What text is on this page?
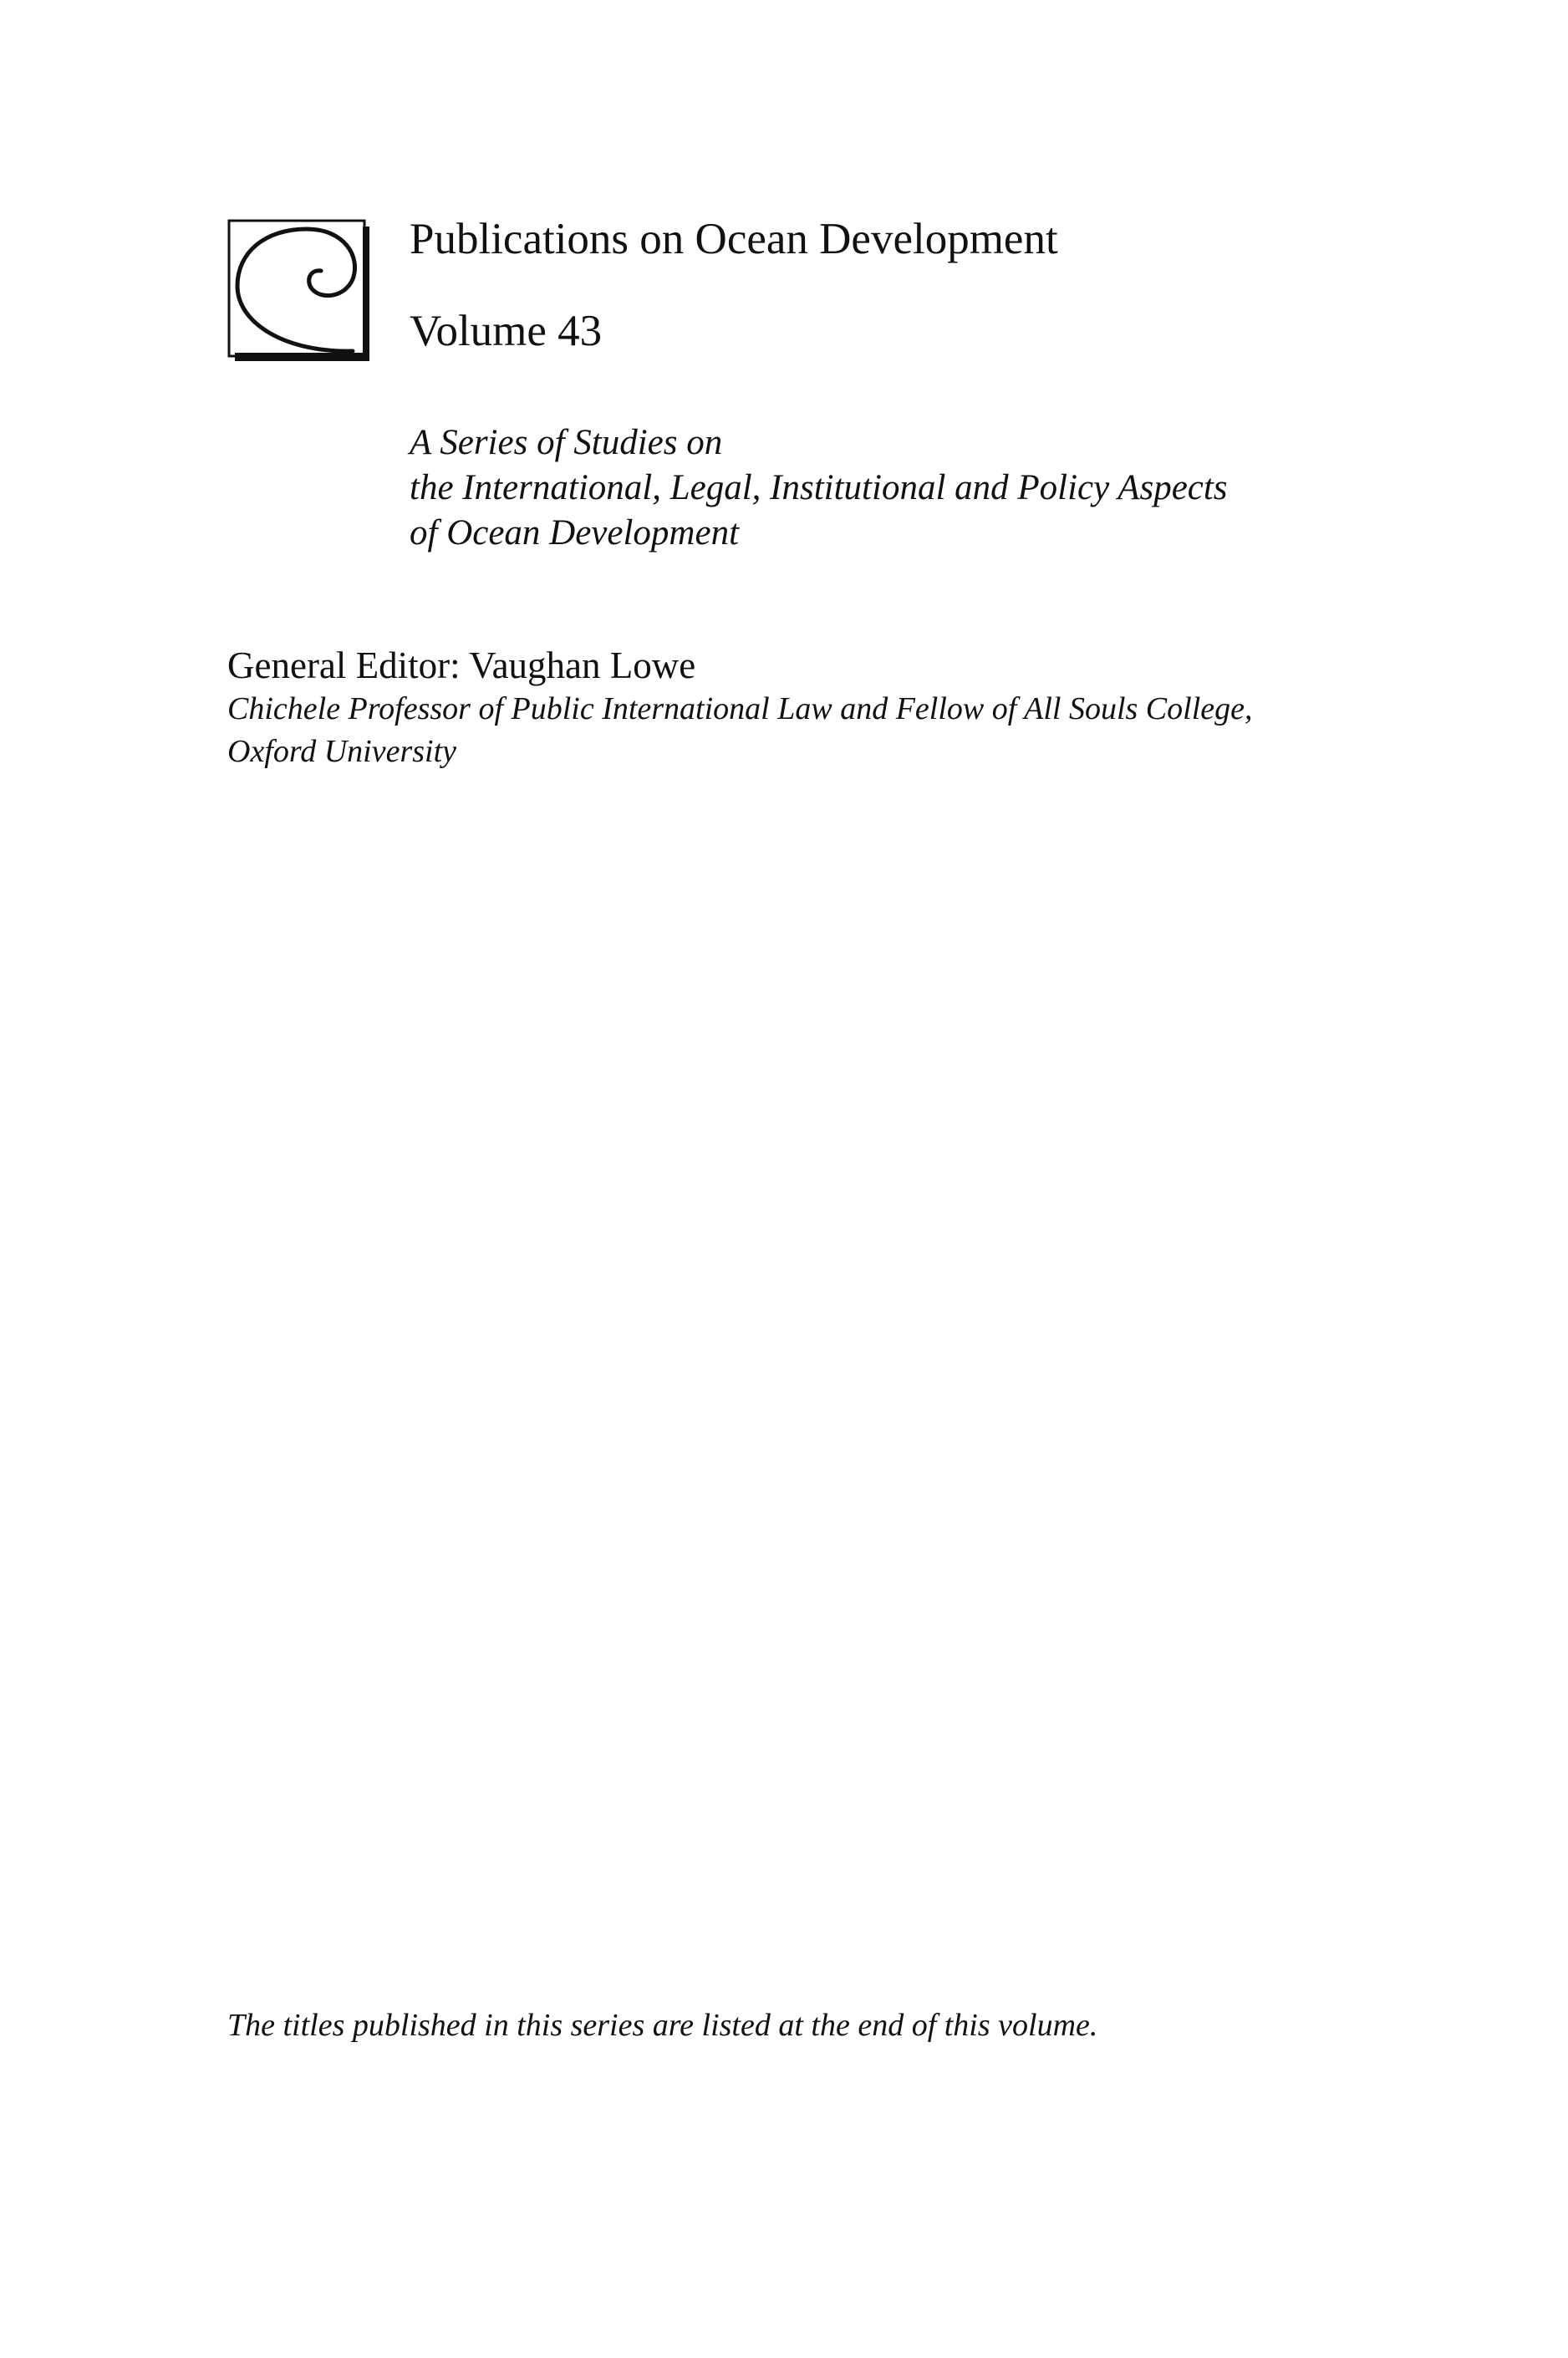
Publications on Ocean Development
Volume 43
A Series of Studies on
the International, Legal, Institutional and Policy Aspects
of Ocean Development
General Editor: Vaughan Lowe
Chichele Professor of Public International Law and Fellow of All Souls College,
Oxford University
The titles published in this series are listed at the end of this volume.
